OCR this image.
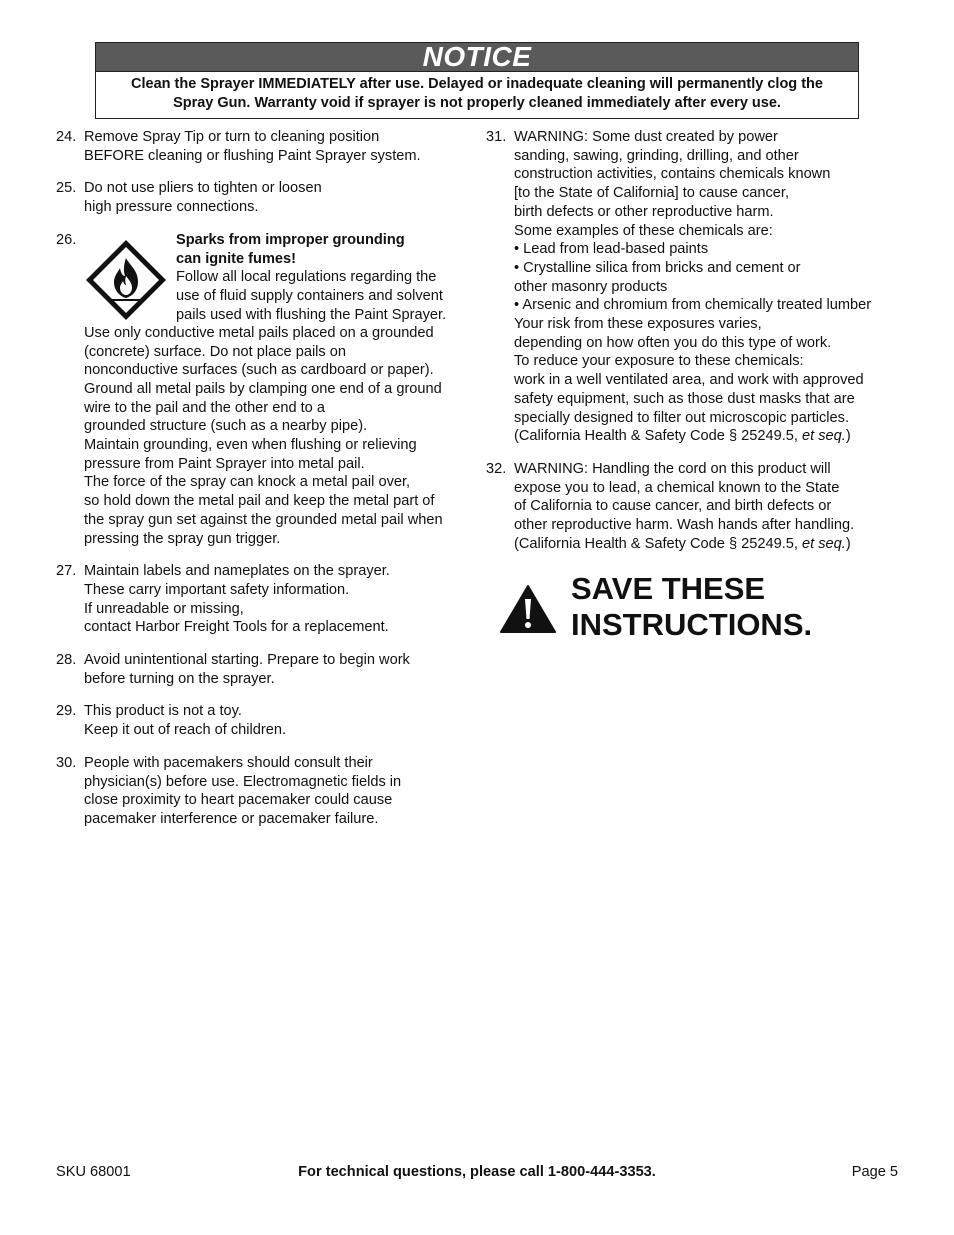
NOTICE
Clean the Sprayer IMMEDIATELY after use. Delayed or inadequate cleaning will permanently clog the
Spray Gun. Warranty void if sprayer is not properly cleaned immediately after every use.
24. Remove Spray Tip or turn to cleaning position
BEFORE cleaning or flushing Paint Sprayer system.
25. Do not use pliers to tighten or loosen
high pressure connections.
26.	Sparks from improper grounding
can ignite fumes!
Follow all local regulations regarding the
use of fluid supply containers and solvent
pails used with flushing the Paint Sprayer.
Use only conductive metal pails placed on a grounded
(concrete) surface. Do not place pails on
nonconductive surfaces (such as cardboard or paper).
Ground all metal pails by clamping one end of a ground
wire to the pail and the other end to a
grounded structure (such as a nearby pipe).
Maintain grounding, even when flushing or relieving
pressure from Paint Sprayer into metal pail.
The force of the spray can knock a metal pail over,
so hold down the metal pail and keep the metal part of
the spray gun set against the grounded metal pail when
pressing the spray gun trigger.
27. Maintain labels and nameplates on the sprayer.
These carry important safety information.
If unreadable or missing,
contact Harbor Freight Tools for a replacement.
28. Avoid unintentional starting. Prepare to begin work
before turning on the sprayer.
29. This product is not a toy.
Keep it out of reach of children.
30. People with pacemakers should consult their
physician(s) before use. Electromagnetic fields in
close proximity to heart pacemaker could cause
pacemaker interference or pacemaker failure.
31. WARNING: Some dust created by power
sanding, sawing, grinding, drilling, and other
construction activities, contains chemicals known
[to the State of California] to cause cancer,
birth defects or other reproductive harm.
Some examples of these chemicals are:
• Lead from lead-based paints
• Crystalline silica from bricks and cement or
other masonry products
• Arsenic and chromium from chemically treated lumber
Your risk from these exposures varies,
depending on how often you do this type of work.
To reduce your exposure to these chemicals:
work in a well ventilated area, and work with approved
safety equipment, such as those dust masks that are
specially designed to filter out microscopic particles.
(California Health & Safety Code § 25249.5, et seq.)
32. WARNING: Handling the cord on this product will
expose you to lead, a chemical known to the State
of California to cause cancer, and birth defects or
other reproductive harm. Wash hands after handling.
(California Health & Safety Code § 25249.5, et seq.)
SAVE THESE
INSTRUCTIONS.
For technical questions, please call 1-800-444-3353.
SKU 68001	Page 5
